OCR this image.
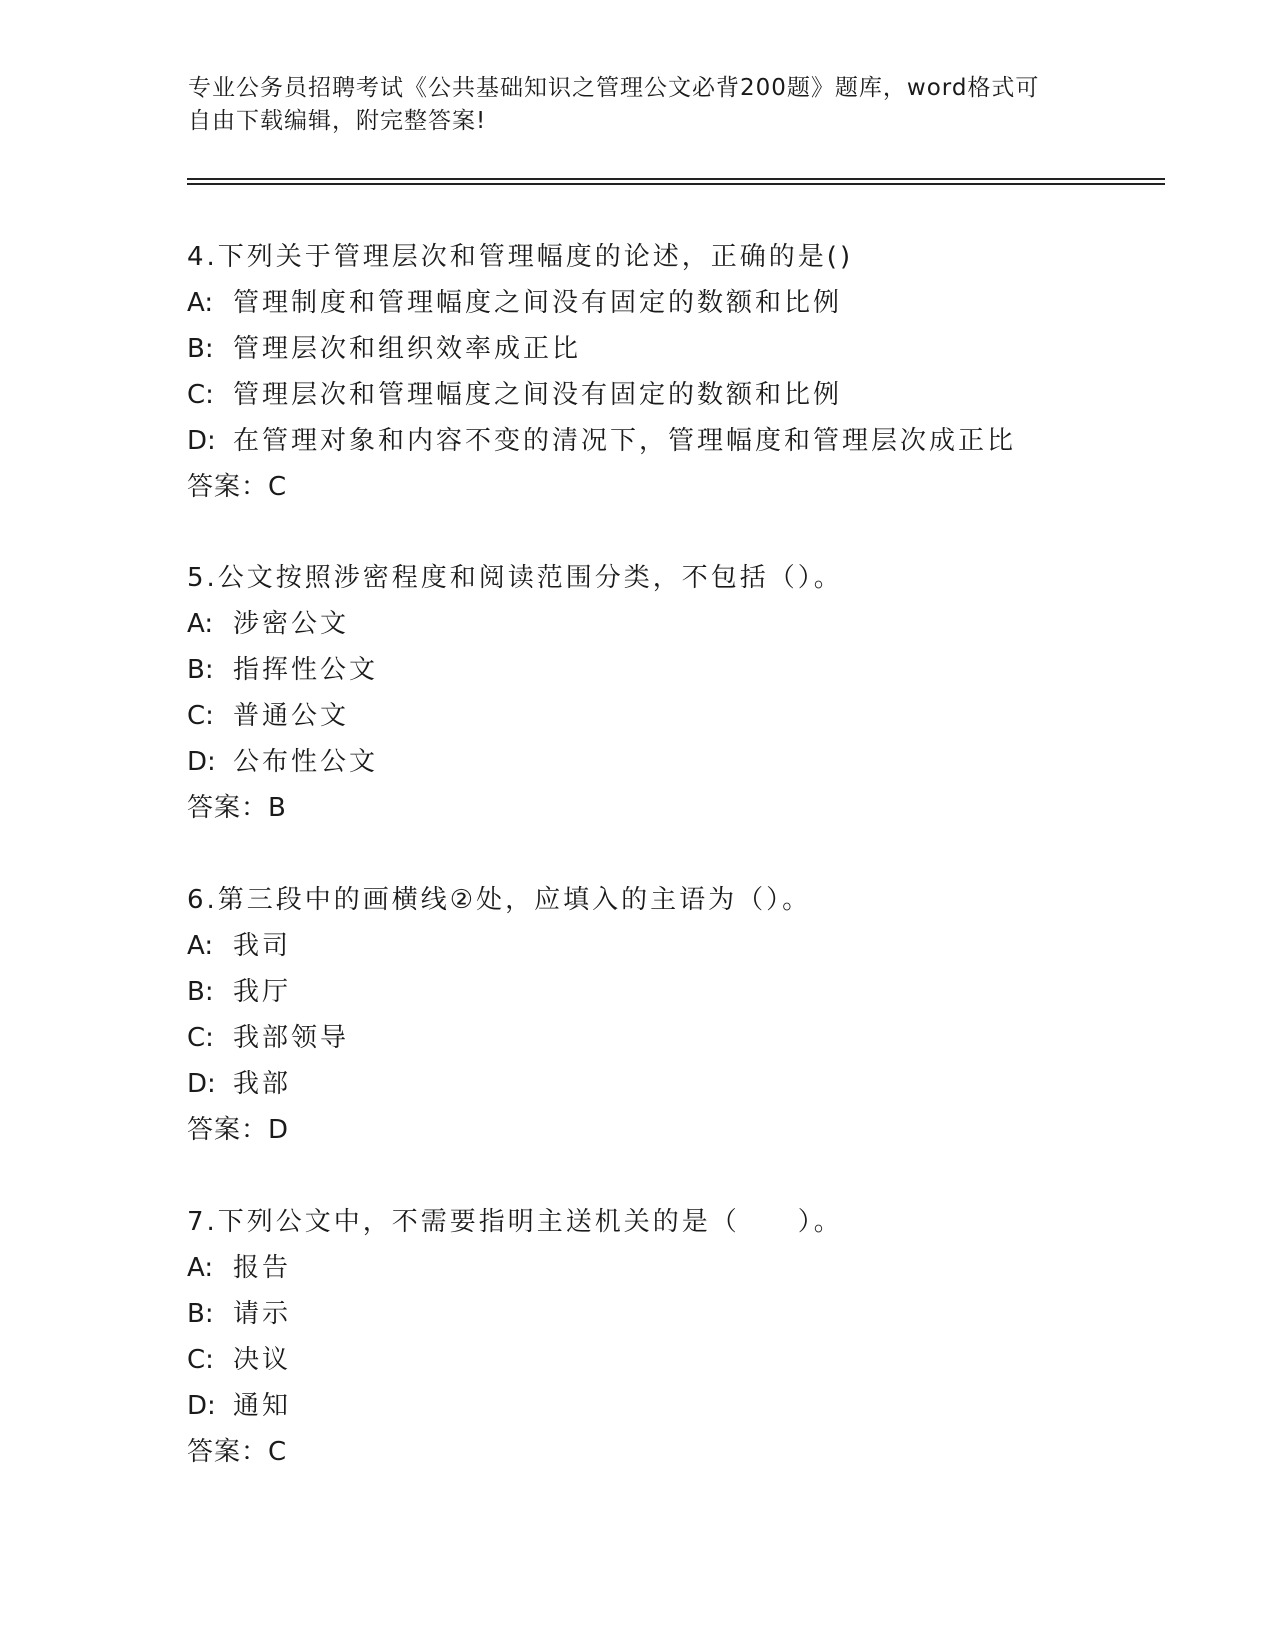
专业公务员招聘考试《公共基础知识之管理公文必背200题》题库，word格式可
自由下载编辑，附完整答案!
4.下列关于管理层次和管理幅度的论述，正确的是()
A: 管理制度和管理幅度之间没有固定的数额和比例
B: 管理层次和组织效率成正比
C: 管理层次和管理幅度之间没有固定的数额和比例
D: 在管理对象和内容不变的清况下，管理幅度和管理层次成正比
答案：C
5.公文按照涉密程度和阅读范围分类，不包括（）。
A: 涉密公文
B: 指挥性公文
C: 普通公文
D: 公布性公文
答案：B
6.第三段中的画横线②处，应填入的主语为（）。
A: 我司
B: 我厅
C: 我部领导
D: 我部
答案：D
7.下列公文中，不需要指明主送机关的是（　　）。
A: 报告
B: 请示
C: 决议
D: 通知
答案：C
